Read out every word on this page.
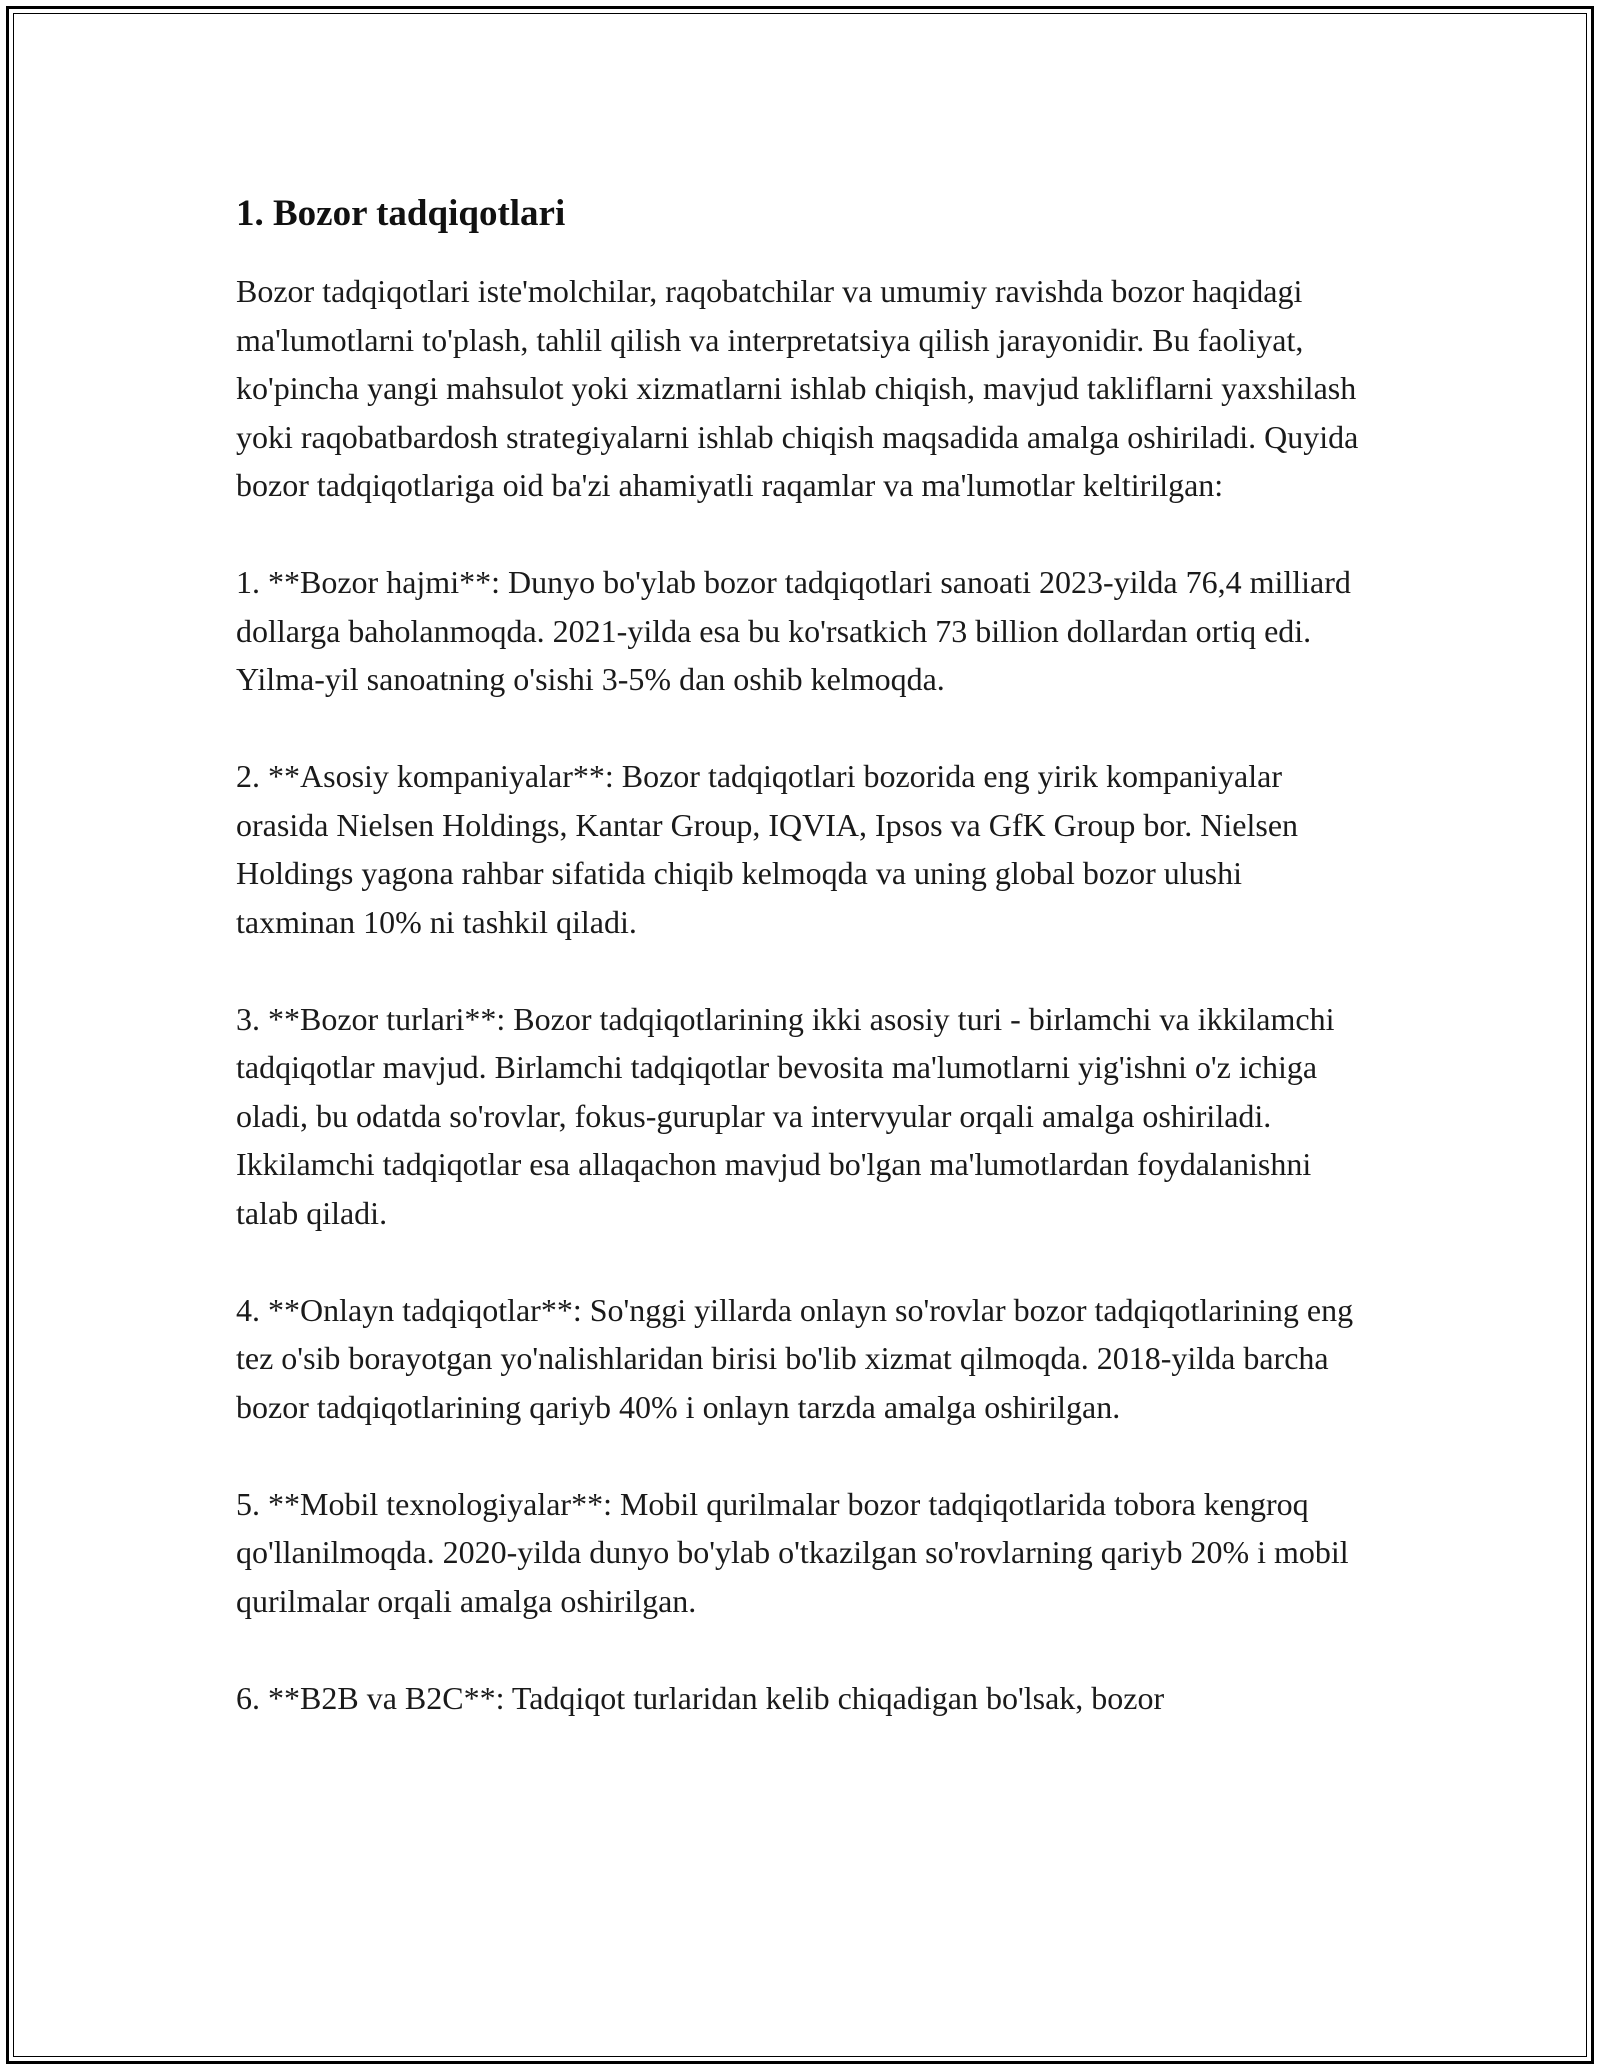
1. Bozor tadqiqotlari

Bozor tadqiqotlari iste'molchilar, raqobatchilar va umumiy ravishda bozor haqidagi ma'lumotlarni to'plash, tahlil qilish va interpretatsiya qilish jarayonidir. Bu faoliyat, ko'pincha yangi mahsulot yoki xizmatlarni ishlab chiqish, mavjud takliflarni yaxshilash yoki raqobatbardosh strategiyalarni ishlab chiqish maqsadida amalga oshiriladi. Quyida bozor tadqiqotlariga oid ba'zi ahamiyatli raqamlar va ma'lumotlar keltirilgan:

1. **Bozor hajmi**: Dunyo bo'ylab bozor tadqiqotlari sanoati 2023-yilda 76,4 milliard dollarga baholanmoqda. 2021-yilda esa bu ko'rsatkich 73 billion dollardan ortiq edi. Yilma-yil sanoatning o'sishi 3-5% dan oshib kelmoqda.

2. **Asosiy kompaniyalar**: Bozor tadqiqotlari bozorida eng yirik kompaniyalar orasida Nielsen Holdings, Kantar Group, IQVIA, Ipsos va GfK Group bor. Nielsen Holdings yagona rahbar sifatida chiqib kelmoqda va uning global bozor ulushi taxminan 10% ni tashkil qiladi.

3. **Bozor turlari**: Bozor tadqiqotlarining ikki asosiy turi - birlamchi va ikkilamchi tadqiqotlar mavjud. Birlamchi tadqiqotlar bevosita ma'lumotlarni yig'ishni o'z ichiga oladi, bu odatda so'rovlar, fokus-guruplar va intervyular orqali amalga oshiriladi. Ikkilamchi tadqiqotlar esa allaqachon mavjud bo'lgan ma'lumotlardan foydalanishni talab qiladi.

4. **Onlayn tadqiqotlar**: So'nggi yillarda onlayn so'rovlar bozor tadqiqotlarining eng tez o'sib borayotgan yo'nalishlaridan birisi bo'lib xizmat qilmoqda. 2018-yilda barcha bozor tadqiqotlarining qariyb 40% i onlayn tarzda amalga oshirilgan.

5. **Mobil texnologiyalar**: Mobil qurilmalar bozor tadqiqotlarida tobora kengroq qo'llanilmoqda. 2020-yilda dunyo bo'ylab o'tkazilgan so'rovlarning qariyb 20% i mobil qurilmalar orqali amalga oshirilgan.

6. **B2B va B2C**: Tadqiqot turlaridan kelib chiqadigan bo'lsak, bozor
